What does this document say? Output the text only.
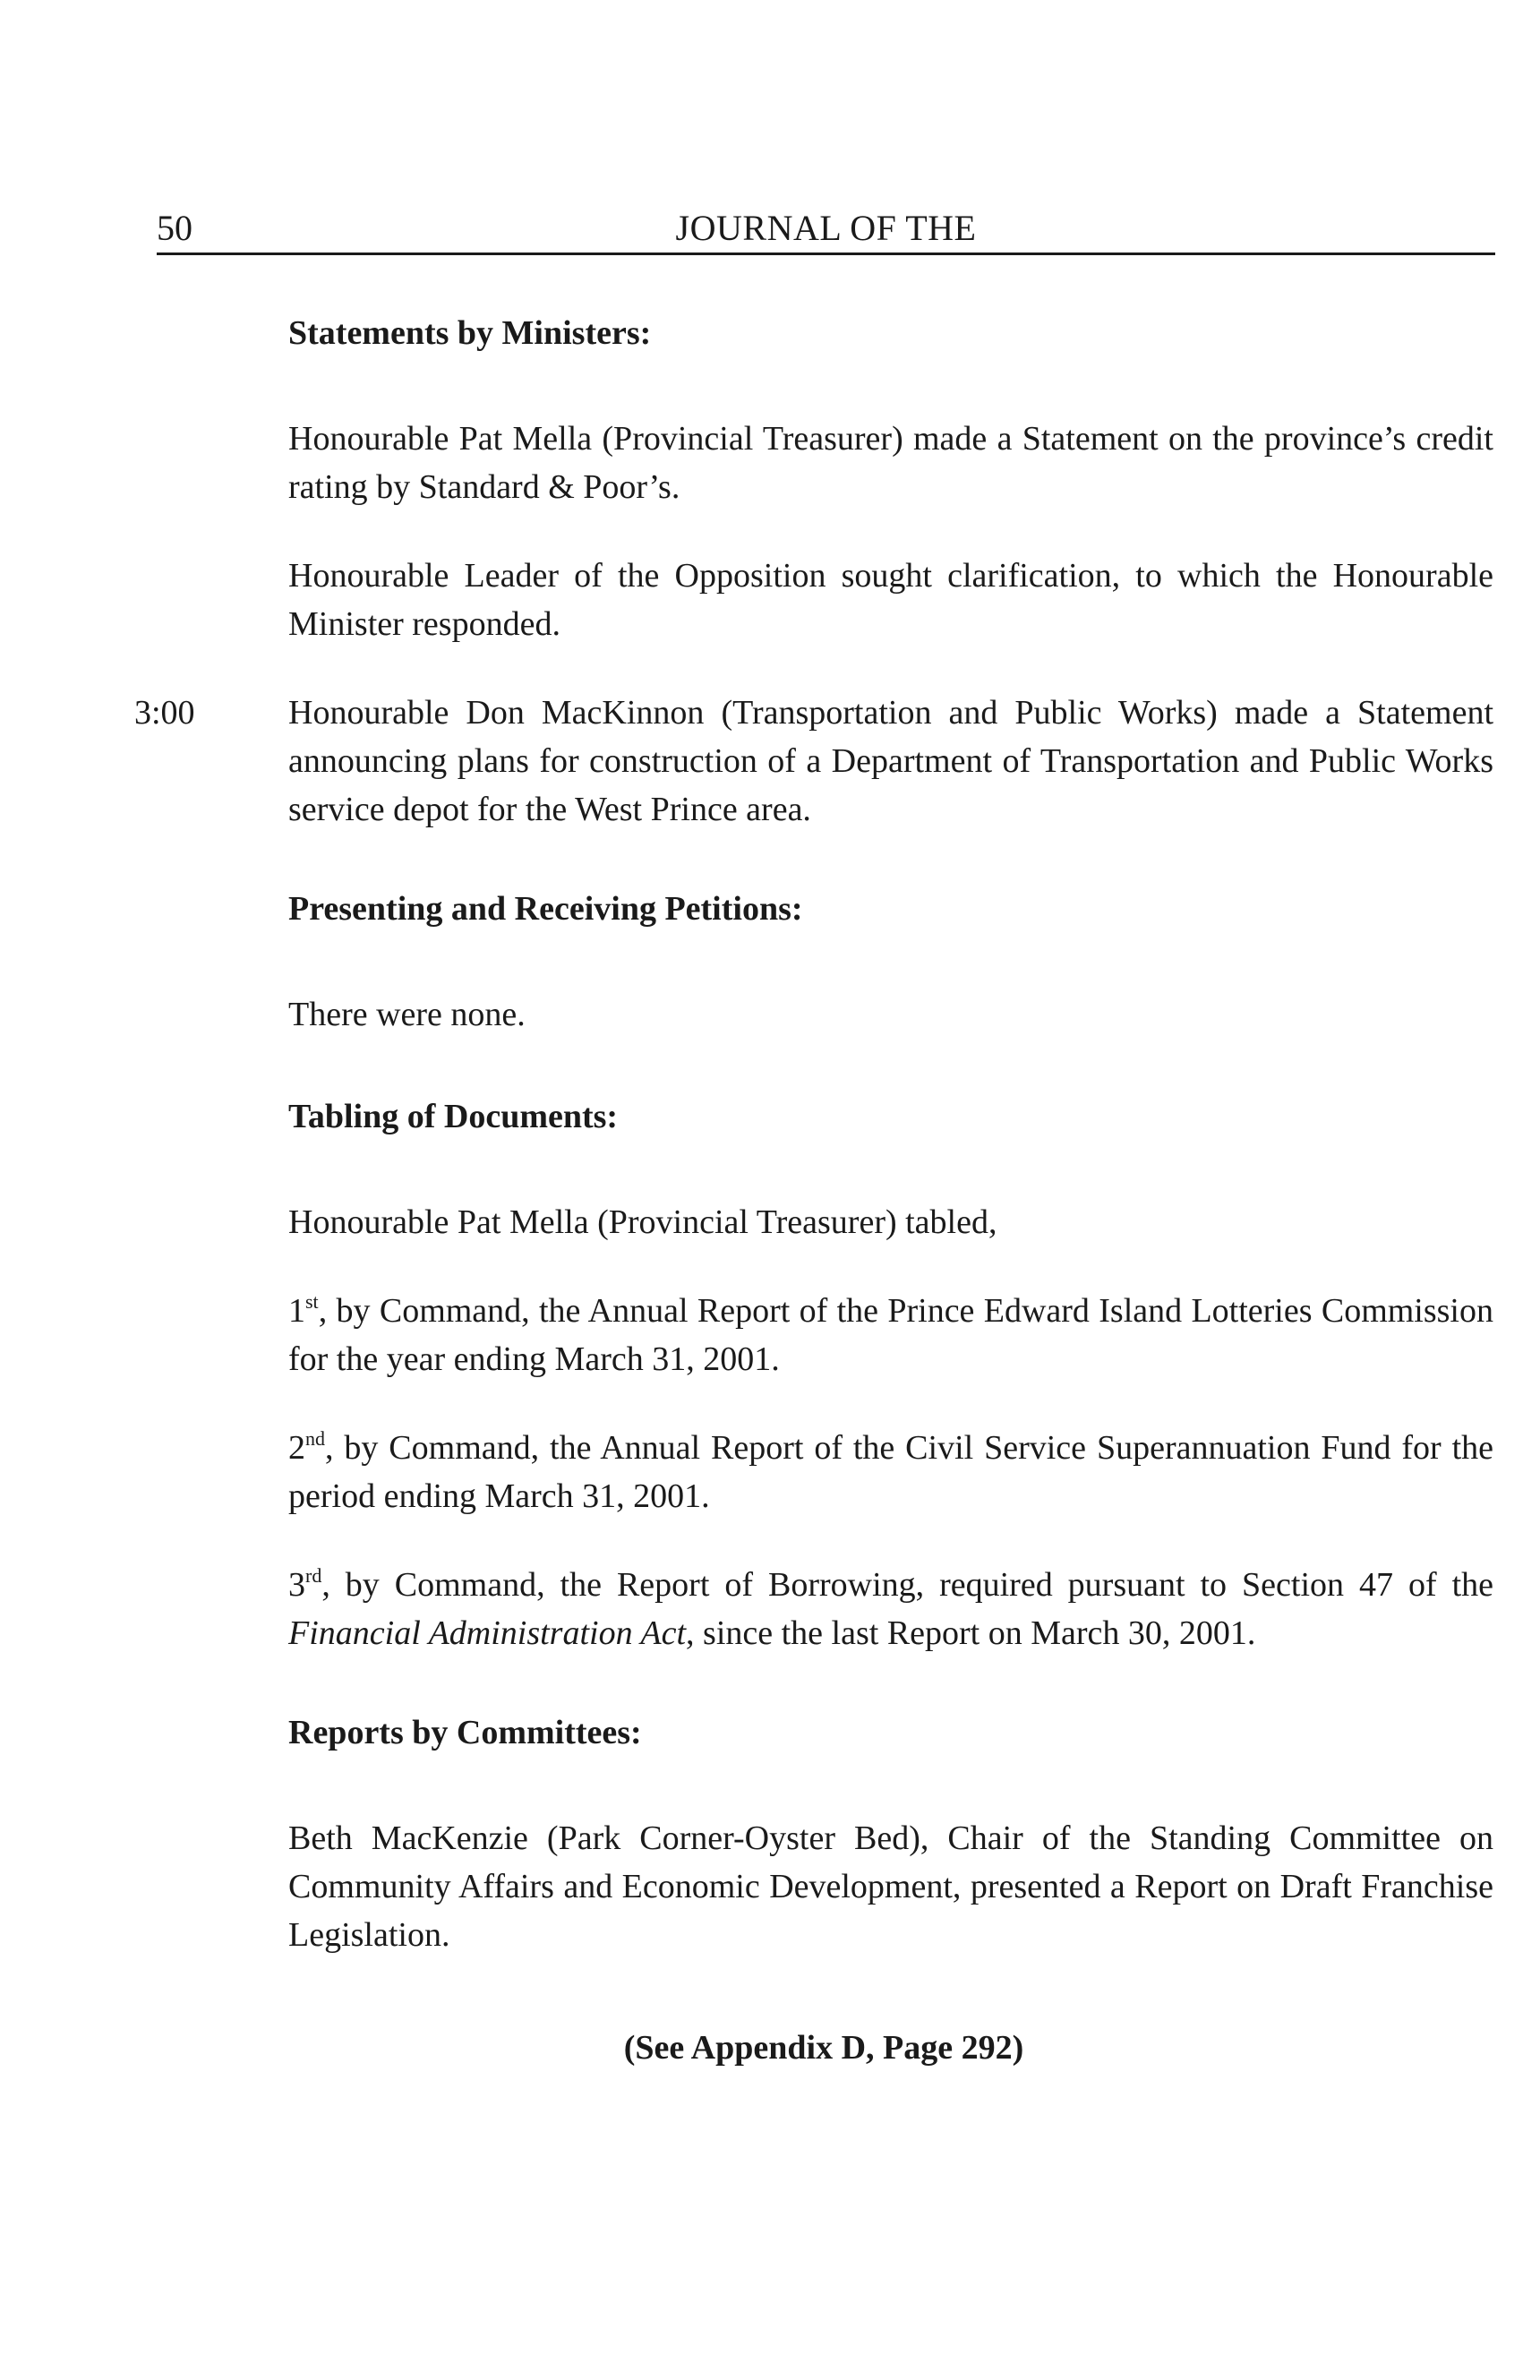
50	JOURNAL OF THE

Statements by Ministers:

Honourable Pat Mella (Provincial Treasurer) made a Statement on the province’s credit rating by Standard & Poor’s.

Honourable Leader of the Opposition sought clarification, to which the Honourable Minister responded.

3:00	Honourable Don MacKinnon (Transportation and Public Works) made a Statement announcing plans for construction of a Department of Transportation and Public Works service depot for the West Prince area.

Presenting and Receiving Petitions:

There were none.

Tabling of Documents:

Honourable Pat Mella (Provincial Treasurer) tabled,

1st, by Command, the Annual Report of the Prince Edward Island Lotteries Commission for the year ending March 31, 2001.

2nd, by Command, the Annual Report of the Civil Service Superannuation Fund for the period ending March 31, 2001.

3rd, by Command, the Report of Borrowing, required pursuant to Section 47 of the Financial Administration Act, since the last Report on March 30, 2001.

Reports by Committees:

Beth MacKenzie (Park Corner-Oyster Bed), Chair of the Standing Committee on Community Affairs and Economic Development, presented a Report on Draft Franchise Legislation.

(See Appendix D, Page 292)
